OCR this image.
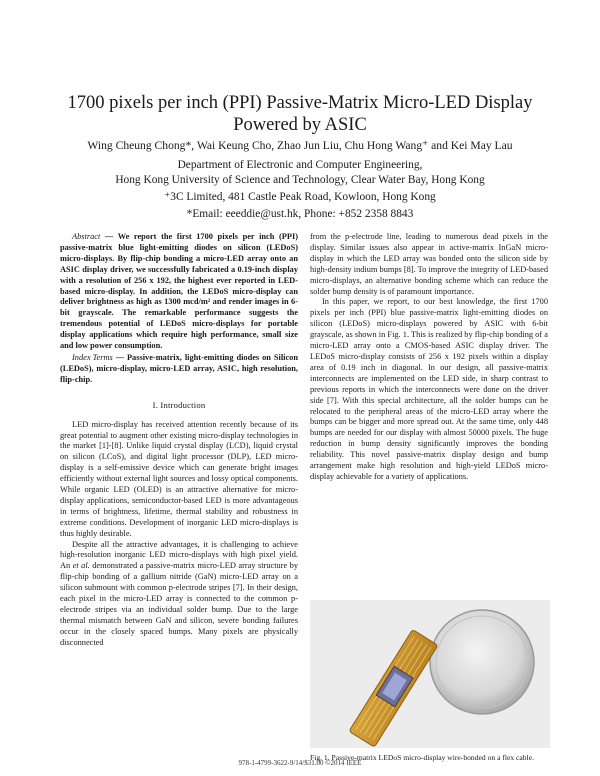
1700 pixels per inch (PPI) Passive-Matrix Micro-LED Display Powered by ASIC
Wing Cheung Chong*, Wai Keung Cho, Zhao Jun Liu, Chu Hong Wang⁺ and Kei May Lau
Department of Electronic and Computer Engineering,
Hong Kong University of Science and Technology, Clear Water Bay, Hong Kong
⁺3C Limited, 481 Castle Peak Road, Kowloon, Hong Kong
*Email: eeeddie@ust.hk, Phone: +852 2358 8843

Abstract — We report the first 1700 pixels per inch (PPI) passive-matrix blue light-emitting diodes on silicon (LEDoS) micro-displays. By flip-chip bonding a micro-LED array onto an ASIC display driver, we successfully fabricated a 0.19-inch display with a resolution of 256 x 192, the highest ever reported in LED-based micro-display. In addition, the LEDoS micro-display can deliver brightness as high as 1300 mcd/m² and render images in 6-bit grayscale. The remarkable performance suggests the tremendous potential of LEDoS micro-displays for portable display applications which require high performance, small size and low power consumption.

Index Terms — Passive-matrix, light-emitting diodes on Silicon (LEDoS), micro-display, micro-LED array, ASIC, high resolution, flip-chip.

I. Introduction

LED micro-display has received attention recently because of its great potential to augment other existing micro-display technologies in the market [1]-[8]. Unlike liquid crystal display (LCD), liquid crystal on silicon (LCoS), and digital light processor (DLP), LED micro-display is a self-emissive device which can generate bright images efficiently without external light sources and lossy optical components. While organic LED (OLED) is an attractive alternative for micro-display applications, semiconductor-based LED is more advantageous in terms of brightness, lifetime, thermal stability and robustness in extreme conditions. Development of inorganic LED micro-displays is thus highly desirable.

Despite all the attractive advantages, it is challenging to achieve high-resolution inorganic LED micro-displays with high pixel yield. An et al. demonstrated a passive-matrix micro-LED array structure by flip-chip bonding of a gallium nitride (GaN) micro-LED array on a silicon submount with common p-electrode stripes [7]. In their design, each pixel in the micro-LED array is connected to the common p-electrode stripes via an individual solder bump. Due to the large thermal mismatch between GaN and silicon, severe bonding failures occur in the closely spaced bumps. Many pixels are physically disconnected

from the p-electrode line, leading to numerous dead pixels in the display. Similar issues also appear in active-matrix InGaN micro-display in which the LED array was bonded onto the silicon side by high-density indium bumps [8]. To improve the integrity of LED-based micro-displays, an alternative bonding scheme which can reduce the solder bump density is of paramount importance.

In this paper, we report, to our best knowledge, the first 1700 pixels per inch (PPI) blue passive-matrix light-emitting diodes on silicon (LEDoS) micro-displays powered by ASIC with 6-bit grayscale, as shown in Fig. 1. This is realized by flip-chip bonding of a micro-LED array onto a CMOS-based ASIC display driver. The LEDoS micro-display consists of 256 x 192 pixels within a display area of 0.19 inch in diagonal. In our design, all passive-matrix interconnects are implemented on the LED side, in sharp contrast to previous reports in which the interconnects were done on the driver side [7]. With this special architecture, all the solder bumps can be relocated to the peripheral areas of the micro-LED array where the bumps can be bigger and more spread out. At the same time, only 448 bumps are needed for our display with almost 50000 pixels. The huge reduction in bump density significantly improves the bonding reliability. This novel passive-matrix display design and bump arrangement make high resolution and high-yield LEDoS micro-display achievable for a variety of applications.

Fig. 1. Passive-matrix LEDoS micro-display wire-bonded on a flex cable.
978-1-4799-3622-9/14/$31.00 ©2014 IEEE
